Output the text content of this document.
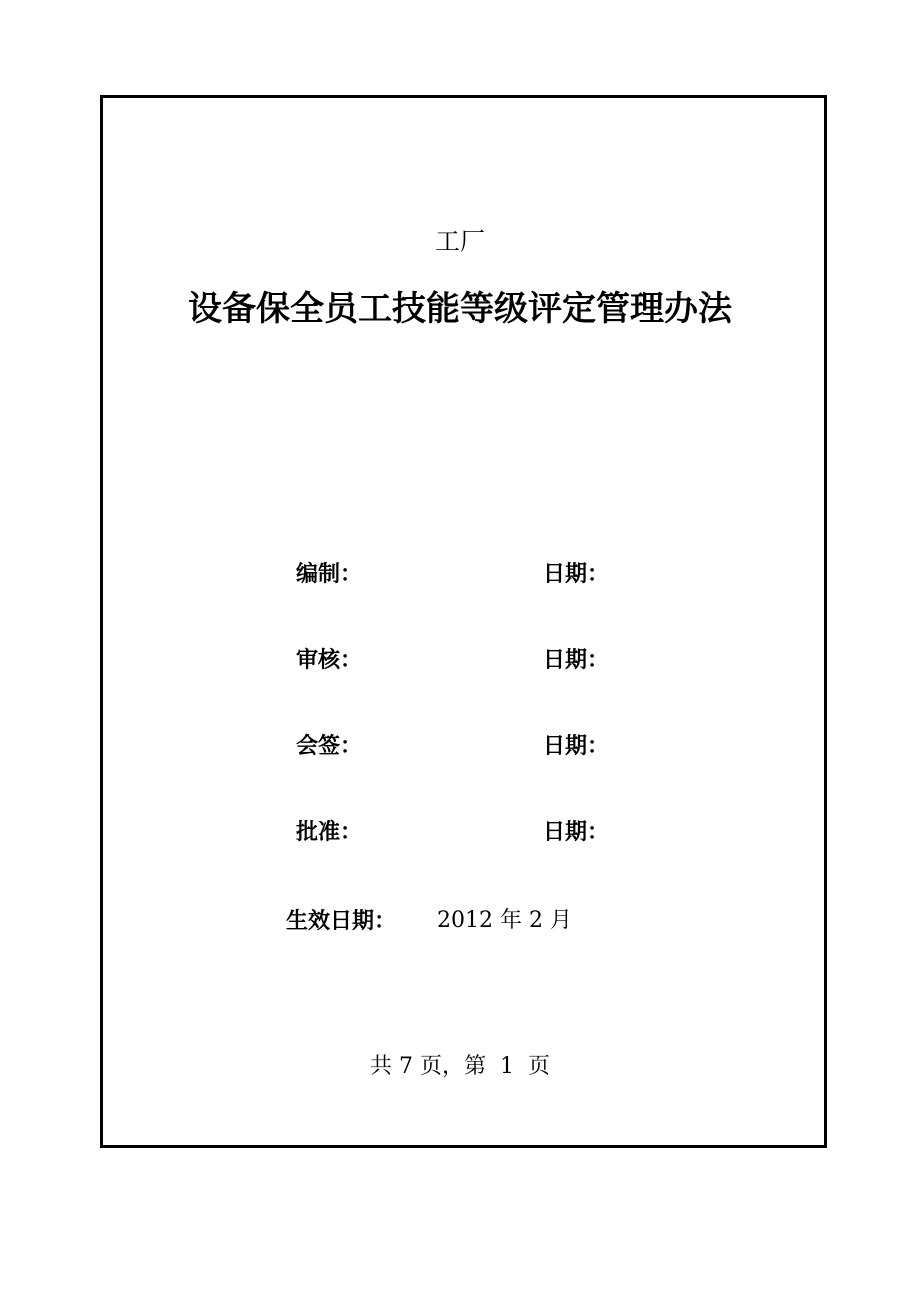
工厂
设备保全员工技能等级评定管理办法
编制：	日期：
审核：	日期：
会签：	日期：
批准：	日期：
生效日期： 2012 年 2 月
共 7 页，第  1  页
